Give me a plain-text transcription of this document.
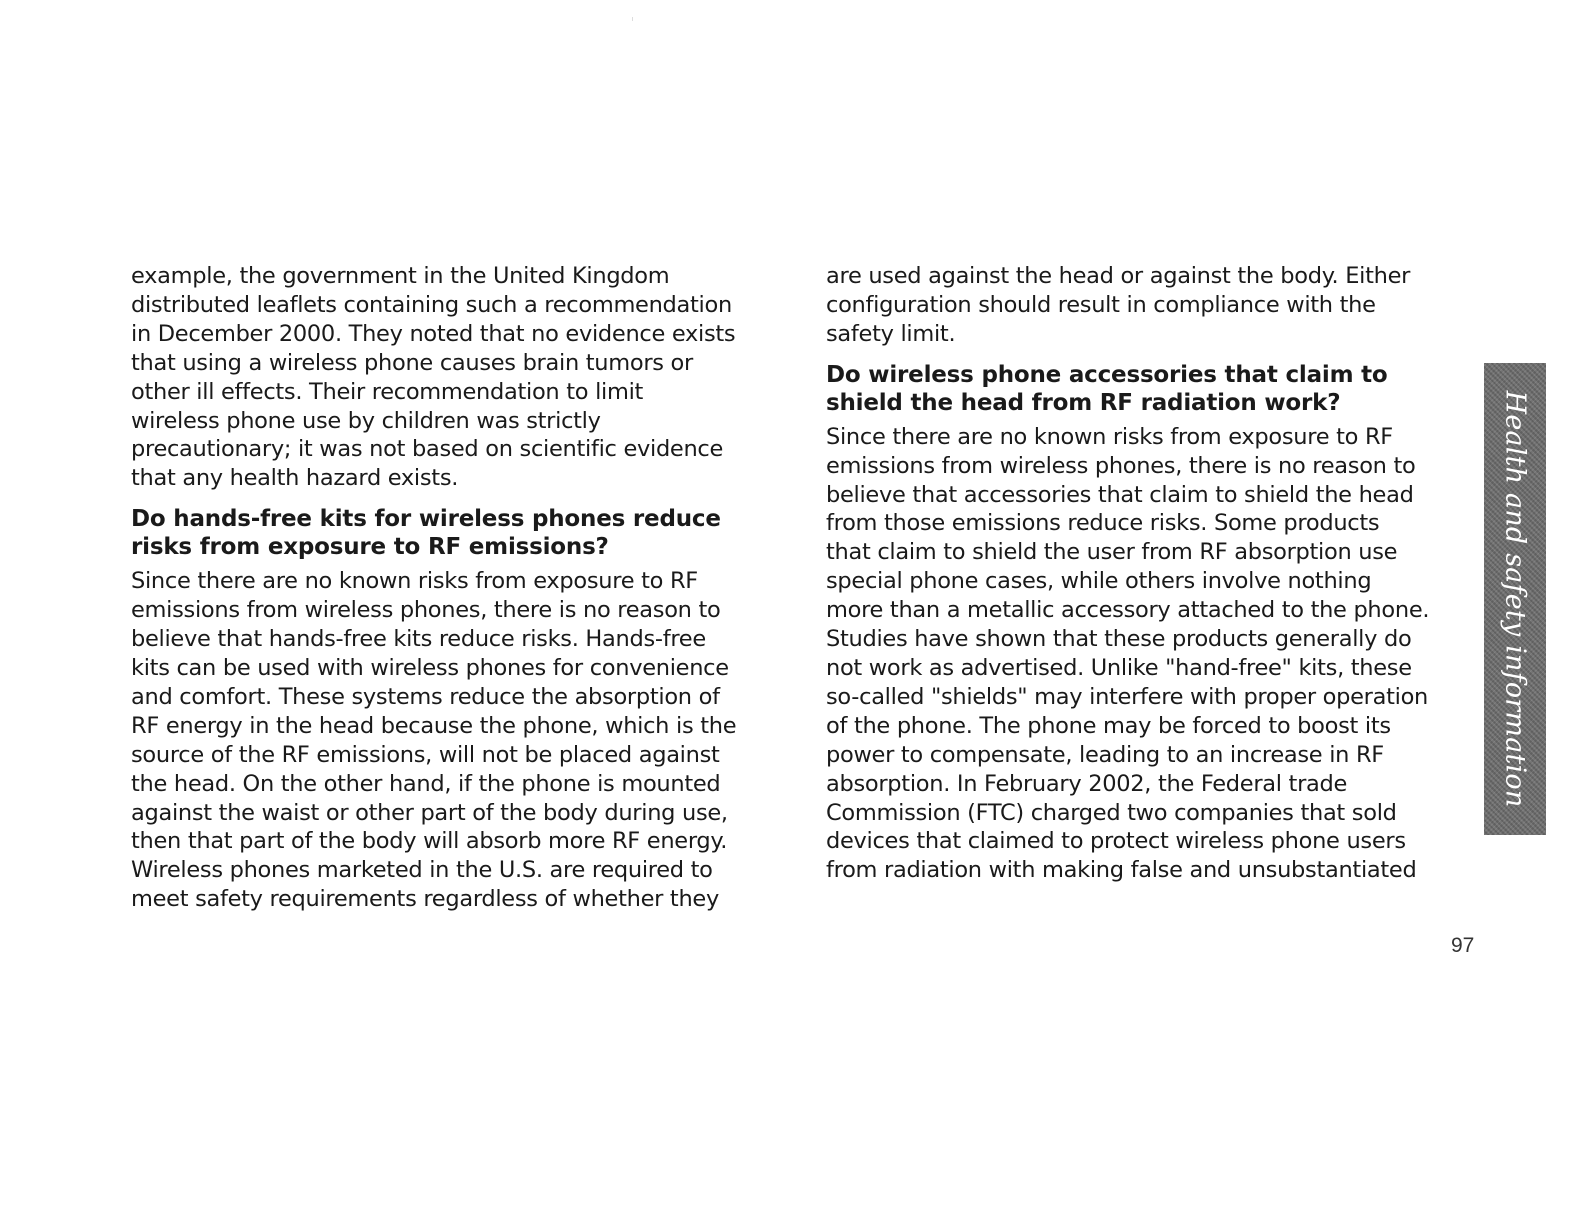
example, the government in the United Kingdom
distributed leaflets containing such a recommendation
in December 2000. They noted that no evidence exists
that using a wireless phone causes brain tumors or
other ill effects. Their recommendation to limit
wireless phone use by children was strictly
precautionary; it was not based on scientific evidence
that any health hazard exists.
Do hands-free kits for wireless phones reduce
risks from exposure to RF emissions?
Since there are no known risks from exposure to RF
emissions from wireless phones, there is no reason to
believe that hands-free kits reduce risks. Hands-free
kits can be used with wireless phones for convenience
and comfort. These systems reduce the absorption of
RF energy in the head because the phone, which is the
source of the RF emissions, will not be placed against
the head. On the other hand, if the phone is mounted
against the waist or other part of the body during use,
then that part of the body will absorb more RF energy.
Wireless phones marketed in the U.S. are required to
meet safety requirements regardless of whether they
are used against the head or against the body. Either
configuration should result in compliance with the
safety limit.
Do wireless phone accessories that claim to
shield the head from RF radiation work?
Since there are no known risks from exposure to RF
emissions from wireless phones, there is no reason to
believe that accessories that claim to shield the head
from those emissions reduce risks. Some products
that claim to shield the user from RF absorption use
special phone cases, while others involve nothing
more than a metallic accessory attached to the phone.
Studies have shown that these products generally do
not work as advertised. Unlike "hand-free" kits, these
so-called "shields" may interfere with proper operation
of the phone. The phone may be forced to boost its
power to compensate, leading to an increase in RF
absorption. In February 2002, the Federal trade
Commission (FTC) charged two companies that sold
devices that claimed to protect wireless phone users
from radiation with making false and unsubstantiated
Health and safety information
97
